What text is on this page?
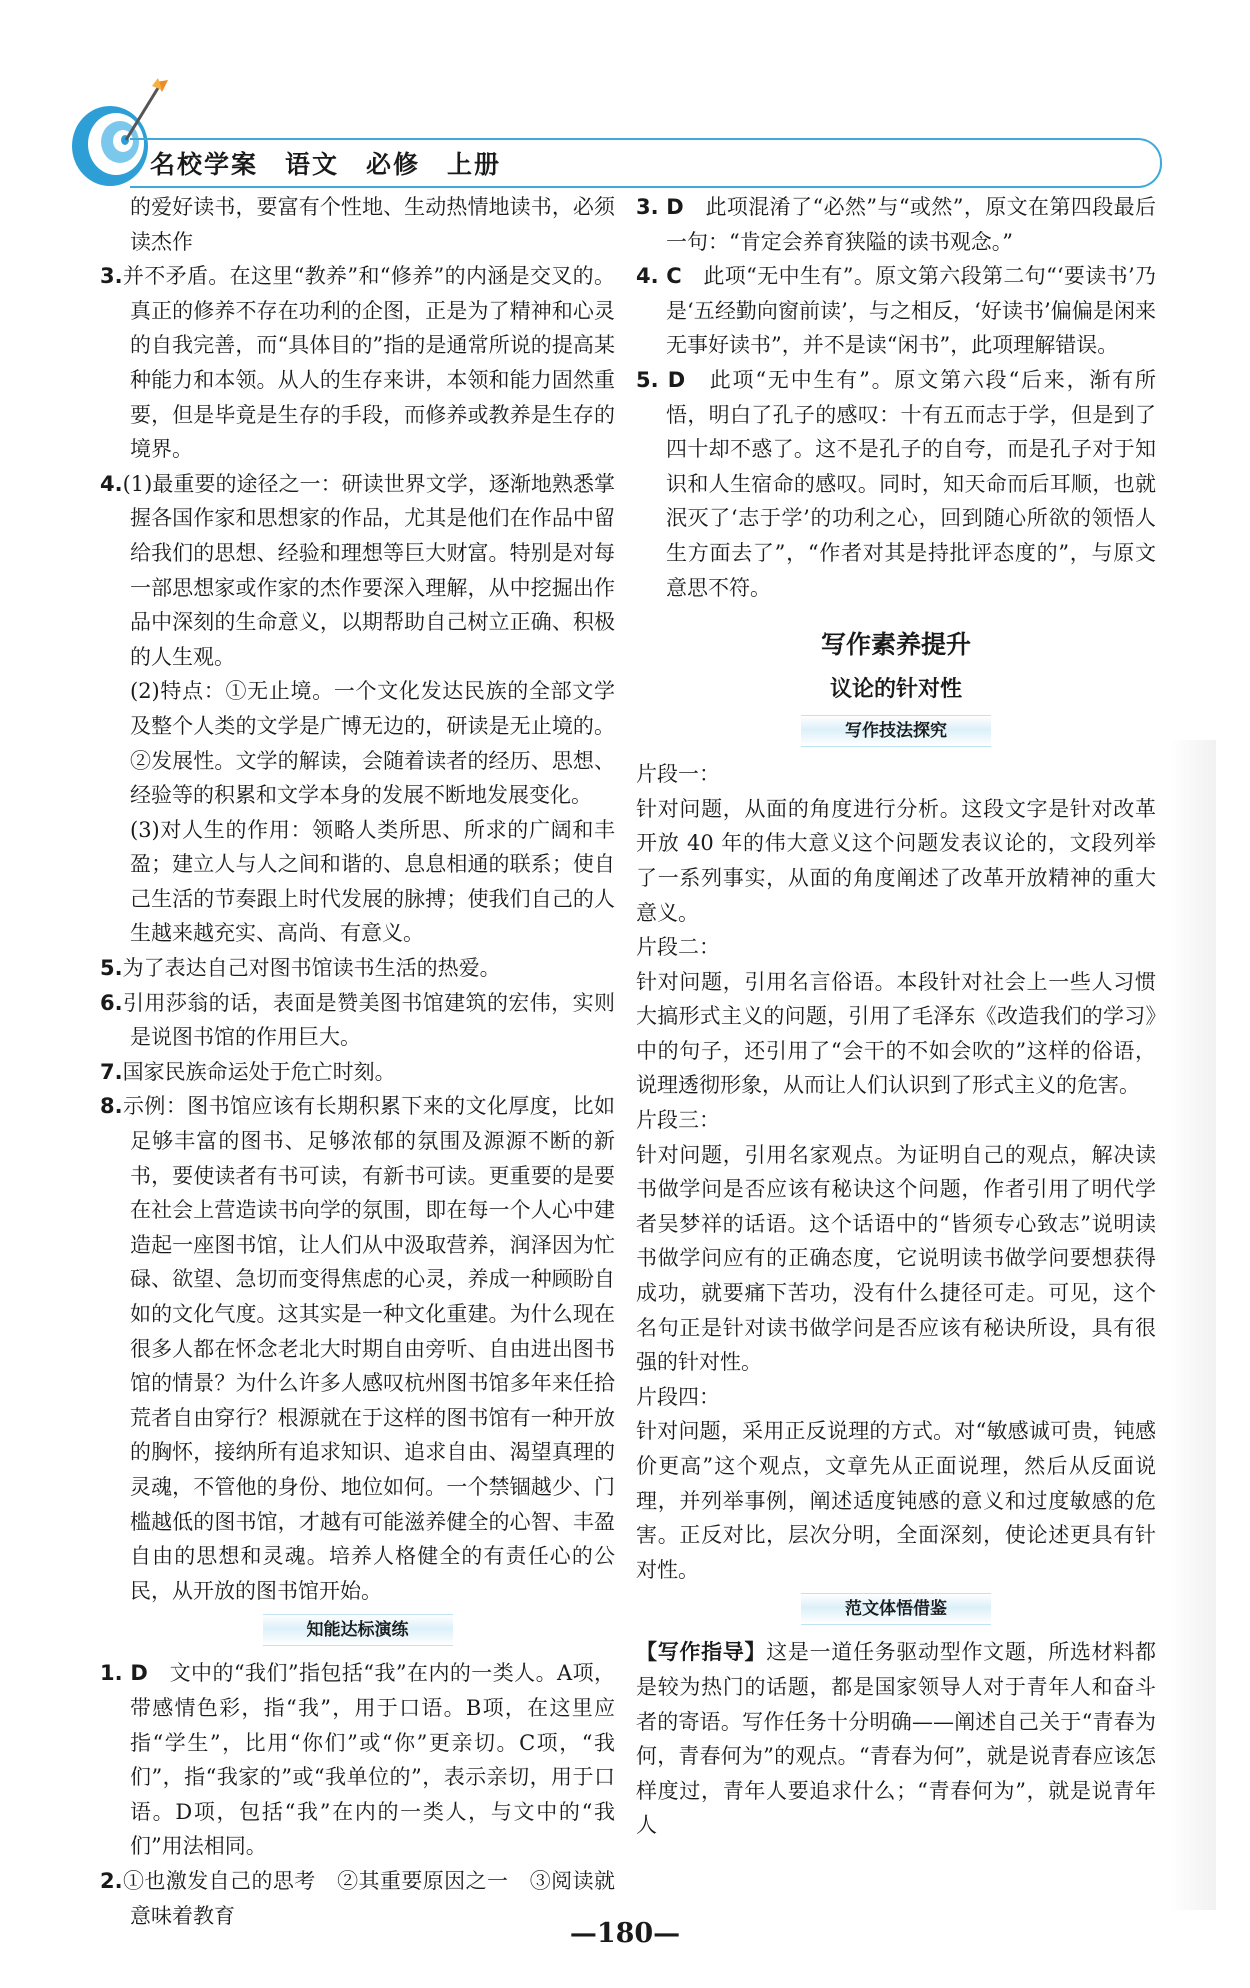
名校学案　语文　必修　上册

的爱好读书，要富有个性地、生动热情地读书，必须读杰作

3.并不矛盾。在这里“教养”和“修养”的内涵是交叉的。真正的修养不存在功利的企图，正是为了精神和心灵的自我完善，而“具体目的”指的是通常所说的提高某种能力和本领。从人的生存来讲，本领和能力固然重要，但是毕竟是生存的手段，而修养或教养是生存的境界。

4.(1)最重要的途径之一：研读世界文学，逐渐地熟悉掌握各国作家和思想家的作品，尤其是他们在作品中留给我们的思想、经验和理想等巨大财富。特别是对每一部思想家或作家的杰作要深入理解，从中挖掘出作品中深刻的生命意义，以期帮助自己树立正确、积极的人生观。

(2)特点：①无止境。一个文化发达民族的全部文学及整个人类的文学是广博无边的，研读是无止境的。②发展性。文学的解读，会随着读者的经历、思想、经验等的积累和文学本身的发展不断地发展变化。

(3)对人生的作用：领略人类所思、所求的广阔和丰盈；建立人与人之间和谐的、息息相通的联系；使自己生活的节奏跟上时代发展的脉搏；使我们自己的人生越来越充实、高尚、有意义。

5.为了表达自己对图书馆读书生活的热爱。

6.引用莎翁的话，表面是赞美图书馆建筑的宏伟，实则是说图书馆的作用巨大。

7.国家民族命运处于危亡时刻。

8.示例：图书馆应该有长期积累下来的文化厚度，比如足够丰富的图书、足够浓郁的氛围及源源不断的新书，要使读者有书可读，有新书可读。更重要的是要在社会上营造读书向学的氛围，即在每一个人心中建造起一座图书馆，让人们从中汲取营养，润泽因为忙碌、欲望、急切而变得焦虑的心灵，养成一种顾盼自如的文化气度。这其实是一种文化重建。为什么现在很多人都在怀念老北大时期自由旁听、自由进出图书馆的情景？为什么许多人感叹杭州图书馆多年来任拾荒者自由穿行？根源就在于这样的图书馆有一种开放的胸怀，接纳所有追求知识、追求自由、渴望真理的灵魂，不管他的身份、地位如何。一个禁锢越少、门槛越低的图书馆，才越有可能滋养健全的心智、丰盈自由的思想和灵魂。培养人格健全的有责任心的公民，从开放的图书馆开始。

知能达标演练

1. D　 文中的“我们”指包括“我”在内的一类人。A项，带感情色彩，指“我”，用于口语。B项，在这里应指“学生”，比用“你们”或“你”更亲切。C项，“我们”，指“我家的”或“我单位的”，表示亲切，用于口语。D项，包括“我”在内的一类人，与文中的“我们”用法相同。

2.①也激发自己的思考　②其重要原因之一　③阅读就意味着教育

3. D　 此项混淆了“必然”与“或然”，原文在第四段最后一句：“肯定会养育狭隘的读书观念。”

4. C　 此项“无中生有”。原文第六段第二句“‘要读书’乃是‘五经勤向窗前读’，与之相反，‘好读书’偏偏是闲来无事好读书”，并不是读“闲书”，此项理解错误。

5. D　 此项“无中生有”。原文第六段“后来，渐有所悟，明白了孔子的感叹：十有五而志于学，但是到了四十却不惑了。这不是孔子的自夸，而是孔子对于知识和人生宿命的感叹。同时，知天命而后耳顺，也就泯灭了‘志于学’的功利之心，回到随心所欲的领悟人生方面去了”，“作者对其是持批评态度的”，与原文意思不符。

写作素养提升
议论的针对性
写作技法探究

片段一：

针对问题，从面的角度进行分析。这段文字是针对改革开放 40 年的伟大意义这个问题发表议论的，文段列举了一系列事实，从面的角度阐述了改革开放精神的重大意义。

片段二：

针对问题，引用名言俗语。本段针对社会上一些人习惯大搞形式主义的问题，引用了毛泽东《改造我们的学习》中的句子，还引用了“会干的不如会吹的”这样的俗语，说理透彻形象，从而让人们认识到了形式主义的危害。

片段三：

针对问题，引用名家观点。为证明自己的观点，解决读书做学问是否应该有秘诀这个问题，作者引用了明代学者吴梦祥的话语。这个话语中的“皆须专心致志”说明读书做学问应有的正确态度，它说明读书做学问要想获得成功，就要痛下苦功，没有什么捷径可走。可见，这个名句正是针对读书做学问是否应该有秘诀所设，具有很强的针对性。

片段四：

针对问题，采用正反说理的方式。对“敏感诚可贵，钝感价更高”这个观点，文章先从正面说理，然后从反面说理，并列举事例，阐述适度钝感的意义和过度敏感的危害。正反对比，层次分明，全面深刻，使论述更具有针对性。

范文体悟借鉴

【写作指导】这是一道任务驱动型作文题，所选材料都是较为热门的话题，都是国家领导人对于青年人和奋斗者的寄语。写作任务十分明确——阐述自己关于“青春为何，青春何为”的观点。“青春为何”，就是说青春应该怎样度过，青年人要追求什么；“青春何为”，就是说青年人

—180—
